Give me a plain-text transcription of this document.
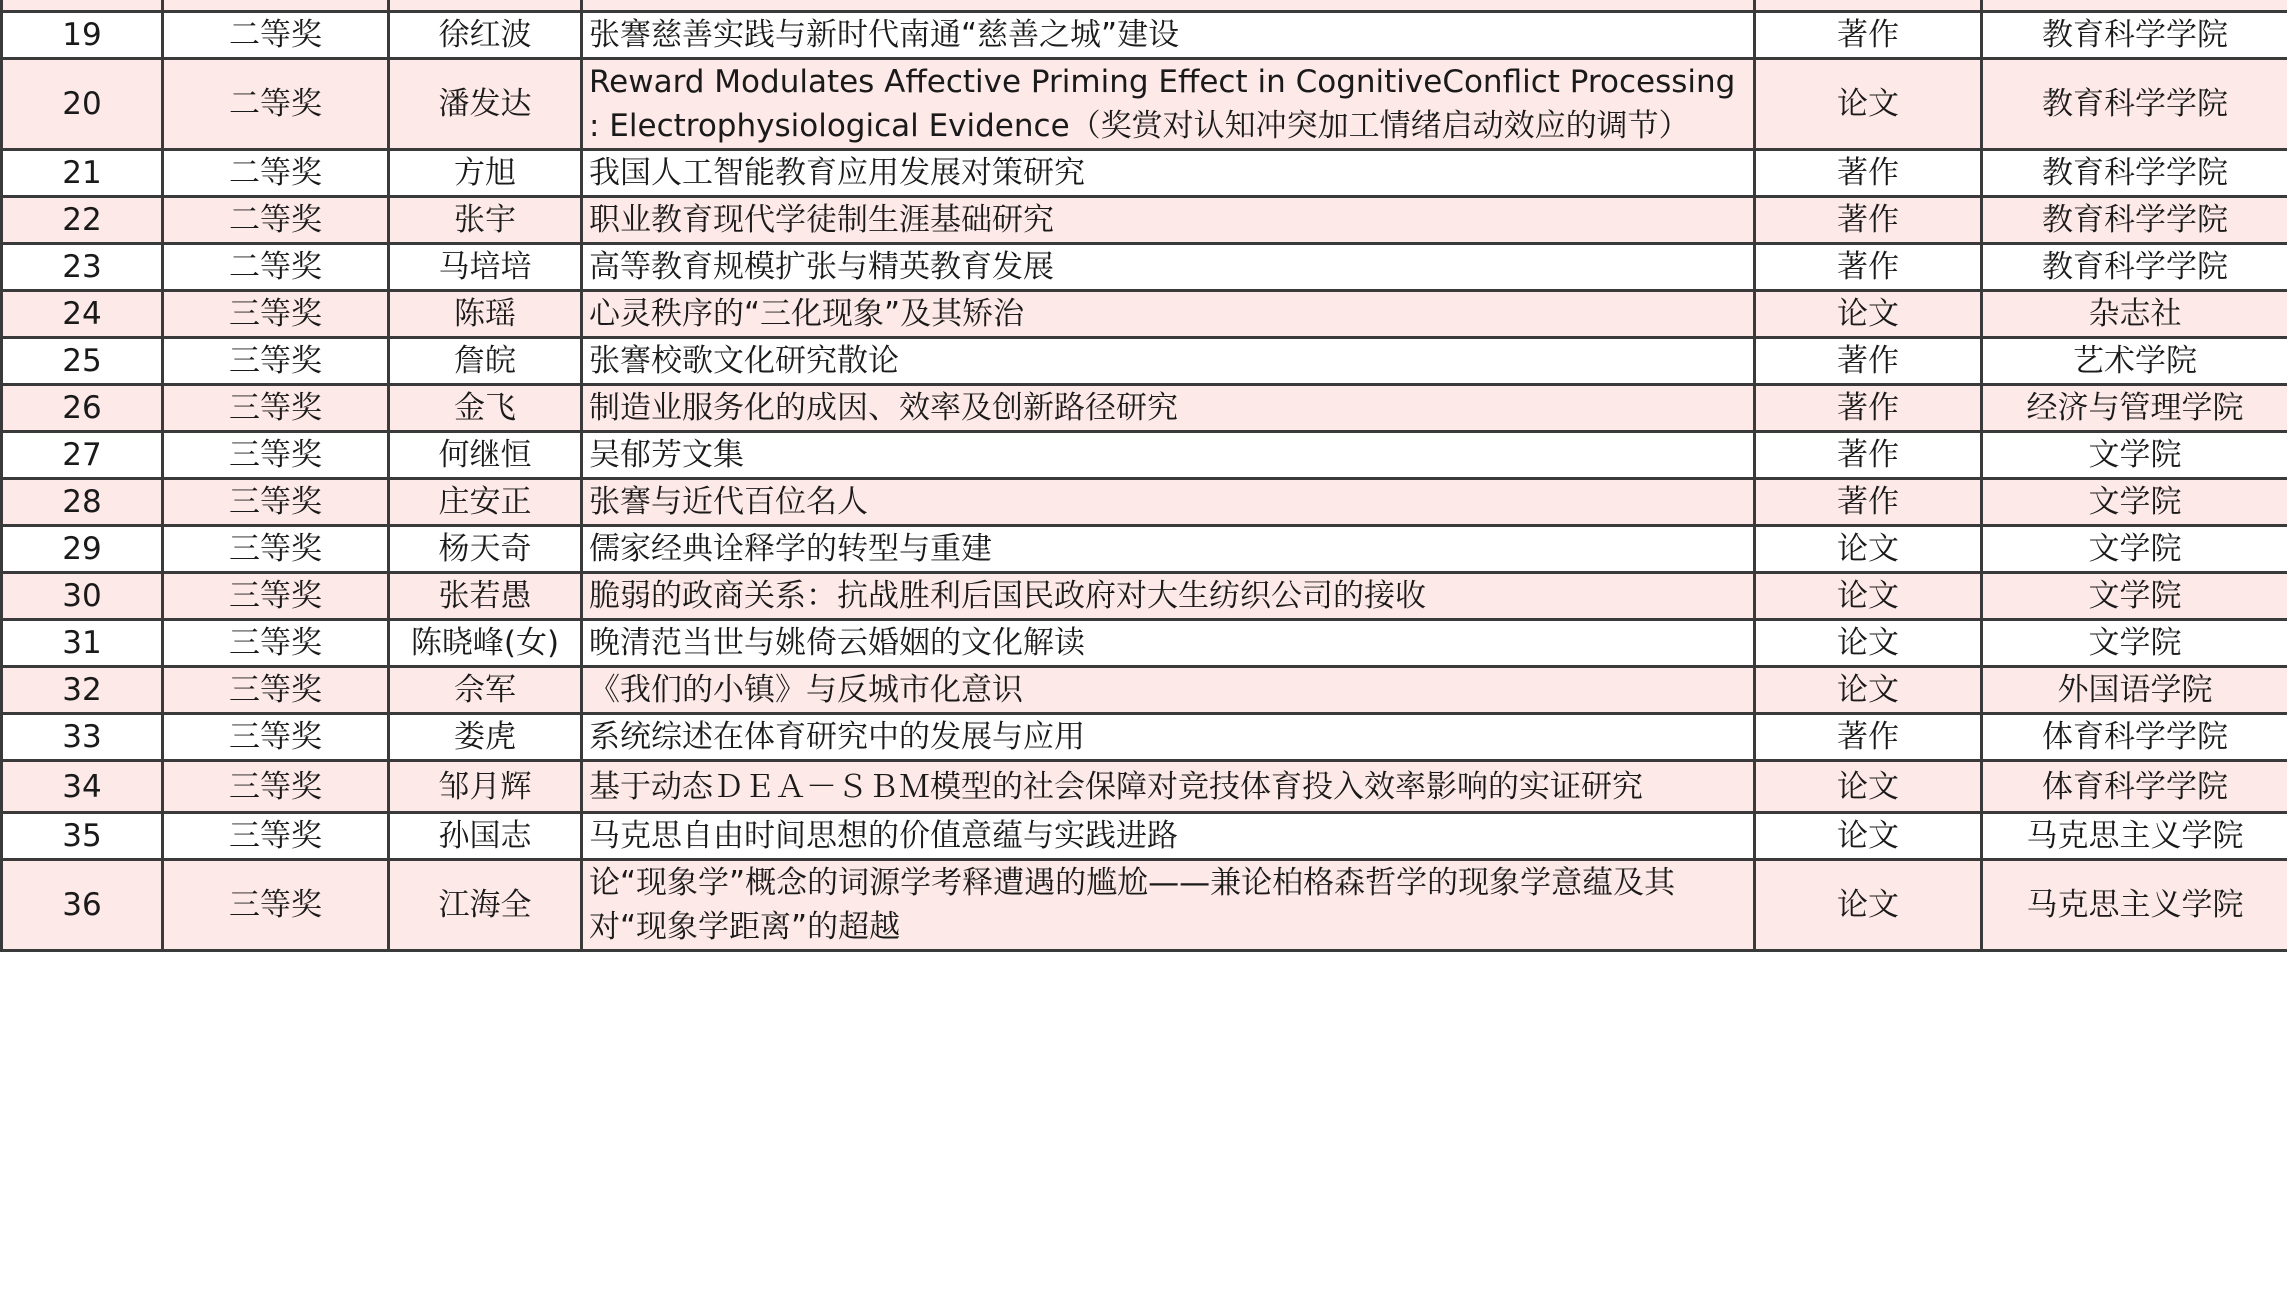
19	二等奖	徐红波	张謇慈善实践与新时代南通“慈善之城”建设	著作	教育科学学院
20	二等奖	潘发达	Reward Modulates Affective Priming Effect in CognitiveConflict Processing : Electrophysiological Evidence（奖赏对认知冲突加工情绪启动效应的调节）	论文	教育科学学院
21	二等奖	方旭	我国人工智能教育应用发展对策研究	著作	教育科学学院
22	二等奖	张宇	职业教育现代学徒制生涯基础研究	著作	教育科学学院
23	二等奖	马培培	高等教育规模扩张与精英教育发展	著作	教育科学学院
24	三等奖	陈瑶	心灵秩序的“三化现象”及其矫治	论文	杂志社
25	三等奖	詹皖	张謇校歌文化研究散论	著作	艺术学院
26	三等奖	金飞	制造业服务化的成因、效率及创新路径研究	著作	经济与管理学院
27	三等奖	何继恒	吴郁芳文集	著作	文学院
28	三等奖	庄安正	张謇与近代百位名人	著作	文学院
29	三等奖	杨天奇	儒家经典诠释学的转型与重建	论文	文学院
30	三等奖	张若愚	脆弱的政商关系：抗战胜利后国民政府对大生纺织公司的接收	论文	文学院
31	三等奖	陈晓峰(女)	晚清范当世与姚倚云婚姻的文化解读	论文	文学院
32	三等奖	佘军	《我们的小镇》与反城市化意识	论文	外国语学院
33	三等奖	娄虎	系统综述在体育研究中的发展与应用	著作	体育科学学院
34	三等奖	邹月辉	基于动态ＤＥＡ－ＳＢＭ模型的社会保障对竞技体育投入效率影响的实证研究	论文	体育科学学院
35	三等奖	孙国志	马克思自由时间思想的价值意蕴与实践进路	论文	马克思主义学院
36	三等奖	江海全	论“现象学”概念的词源学考释遭遇的尴尬——兼论柏格森哲学的现象学意蕴及其对“现象学距离”的超越	论文	马克思主义学院
